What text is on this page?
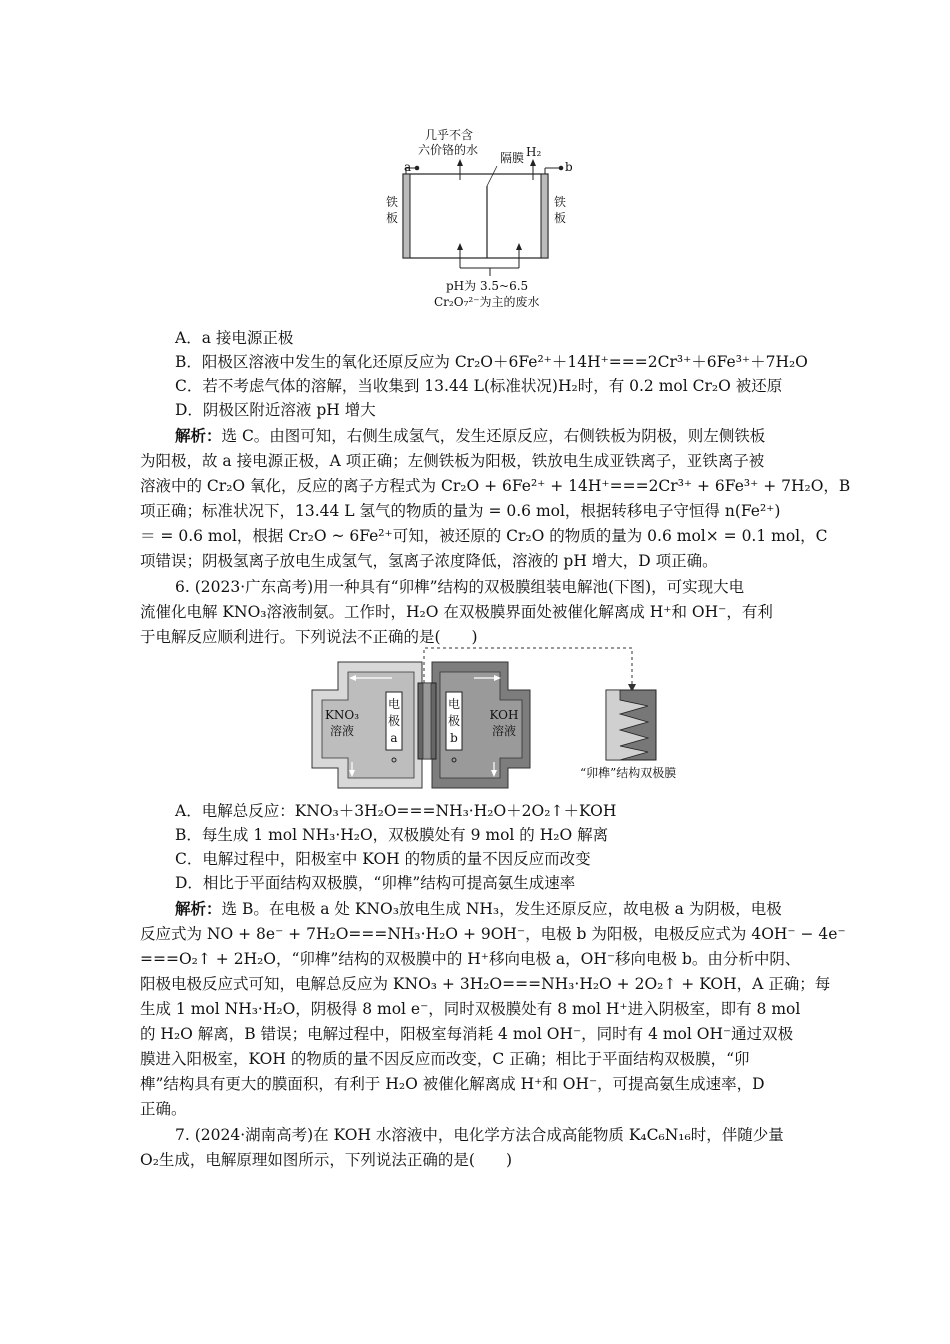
几乎不含
六价铬的水
隔膜 H₂
a	b
铁板
铁板
pH为 3.5~6.5
Cr₂O₇²⁻为主的废水
A．a 接电源正极
B．阳极区溶液中发生的氧化还原反应为 Cr₂O＋6Fe²⁺＋14H⁺===2Cr³⁺＋6Fe³⁺＋7H₂O
C．若不考虑气体的溶解，当收集到 13.44 L(标准状况)H₂时，有 0.2 mol Cr₂O 被还原
D．阴极区附近溶液 pH 增大
解析：选 C。由图可知，右侧生成氢气，发生还原反应，右侧铁板为阴极，则左侧铁板
为阳极，故 a 接电源正极，A 项正确；左侧铁板为阳极，铁放电生成亚铁离子，亚铁离子被
溶液中的 Cr₂O 氧化，反应的离子方程式为 Cr₂O + 6Fe²⁺ + 14H⁺===2Cr³⁺ + 6Fe³⁺ + 7H₂O，B
项正确；标准状况下，13.44 L 氢气的物质的量为 = 0.6 mol，根据转移电子守恒得 n(Fe²⁺)
＝ = 0.6 mol，根据 Cr₂O ~ 6Fe²⁺可知，被还原的 Cr₂O 的物质的量为 0.6 mol× = 0.1 mol，C
项错误；阴极氢离子放电生成氢气，氢离子浓度降低，溶液的 pH 增大，D 项正确。
6. (2023·广东高考)用一种具有“卯榫”结构的双极膜组装电解池(下图)，可实现大电
流催化电解 KNO₃溶液制氨。工作时，H₂O 在双极膜界面处被催化解离成 H⁺和 OH⁻，有利
于电解反应顺利进行。下列说法不正确的是(　　)
KNO₃
溶液
电
极
a
电
极
b
KOH
溶液
“卯榫”结构双极膜
A．电解总反应：KNO₃＋3H₂O===NH₃·H₂O＋2O₂↑＋KOH
B．每生成 1 mol NH₃·H₂O，双极膜处有 9 mol 的 H₂O 解离
C．电解过程中，阳极室中 KOH 的物质的量不因反应而改变
D．相比于平面结构双极膜，“卯榫”结构可提高氨生成速率
解析：选 B。在电极 a 处 KNO₃放电生成 NH₃，发生还原反应，故电极 a 为阴极，电极
反应式为 NO + 8e⁻ + 7H₂O===NH₃·H₂O + 9OH⁻，电极 b 为阳极，电极反应式为 4OH⁻ − 4e⁻
===O₂↑ + 2H₂O，“卯榫”结构的双极膜中的 H⁺移向电极 a，OH⁻移向电极 b。由分析中阴、
阳极电极反应式可知，电解总反应为 KNO₃ + 3H₂O===NH₃·H₂O + 2O₂↑ + KOH，A 正确；每
生成 1 mol NH₃·H₂O，阴极得 8 mol e⁻，同时双极膜处有 8 mol H⁺进入阴极室，即有 8 mol
的 H₂O 解离，B 错误；电解过程中，阳极室每消耗 4 mol OH⁻，同时有 4 mol OH⁻通过双极
膜进入阳极室，KOH 的物质的量不因反应而改变，C 正确；相比于平面结构双极膜，“卯
榫”结构具有更大的膜面积，有利于 H₂O 被催化解离成 H⁺和 OH⁻，可提高氨生成速率，D
正确。
7. (2024·湖南高考)在 KOH 水溶液中，电化学方法合成高能物质 K₄C₆N₁₆时，伴随少量
O₂生成，电解原理如图所示，下列说法正确的是(　　)
